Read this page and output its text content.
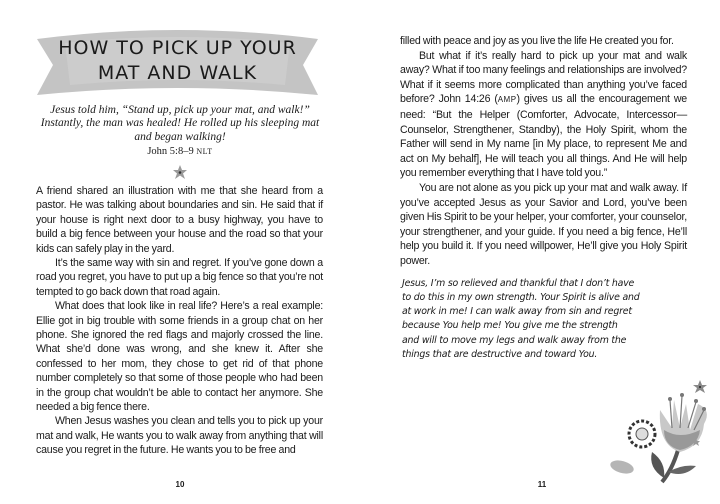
HOW TO PICK UP YOUR MAT AND WALK
Jesus told him, “Stand up, pick up your mat, and walk!” Instantly, the man was healed! He rolled up his sleeping mat and began walking!
John 5:8–9 NLT

A friend shared an illustration with me that she heard from a pastor. He was talking about boundaries and sin. He said that if your house is right next door to a busy highway, you have to build a big fence between your house and the road so that your kids can safely play in the yard.

It’s the same way with sin and regret. If you’ve gone down a road you regret, you have to put up a big fence so that you’re not tempted to go back down that road again.

What does that look like in real life? Here’s a real example: Ellie got in big trouble with some friends in a group chat on her phone. She ignored the red flags and majorly crossed the line. What she’d done was wrong, and she knew it. After she confessed to her mom, they chose to get rid of that phone number completely so that some of those people who had been in the group chat wouldn’t be able to contact her anymore. She needed a big fence there.

When Jesus washes you clean and tells you to pick up your mat and walk, He wants you to walk away from anything that will cause you regret in the future. He wants you to be free and

10

filled with peace and joy as you live the life He created you for.

But what if it’s really hard to pick up your mat and walk away? What if too many feelings and relationships are involved? What if it seems more complicated than anything you’ve faced before? John 14:26 (AMP) gives us all the encouragement we need: “But the Helper (Comforter, Advocate, Intercessor—Counselor, Strengthener, Standby), the Holy Spirit, whom the Father will send in My name [in My place, to represent Me and act on My behalf], He will teach you all things. And He will help you remember everything that I have told you.”

You are not alone as you pick up your mat and walk away. If you’ve accepted Jesus as your Savior and Lord, you’ve been given His Spirit to be your helper, your comforter, your counselor, your strengthener, and your guide. If you need a big fence, He’ll help you build it. If you need willpower, He’ll give you Holy Spirit power.

Jesus, I’m so relieved and thankful that I don’t have
to do this in my own strength. Your Spirit is alive and
at work in me! I can walk away from sin and regret
because You help me! You give me the strength
and will to move my legs and walk away from the
things that are destructive and toward You.
11
